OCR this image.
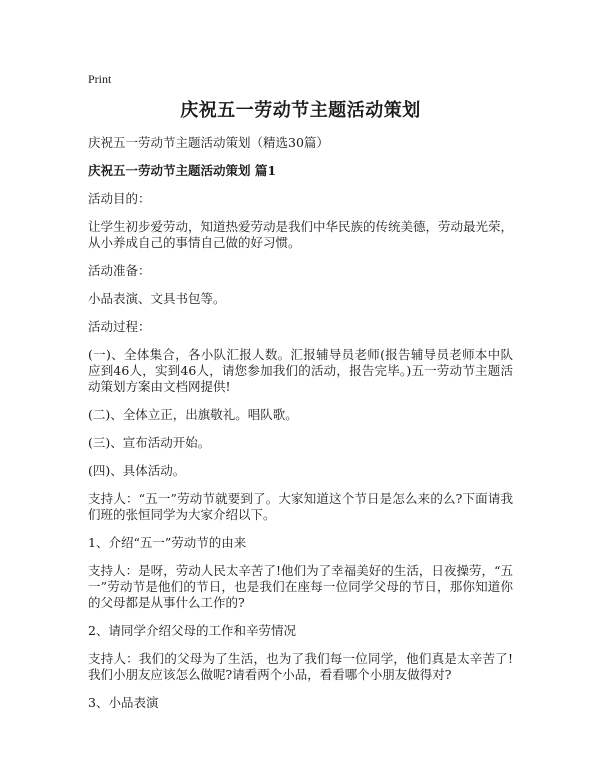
Print

庆祝五一劳动节主题活动策划

庆祝五一劳动节主题活动策划（精选30篇）

庆祝五一劳动节主题活动策划 篇1

活动目的：

让学生初步爱劳动，知道热爱劳动是我们中华民族的传统美德，劳动最光荣，从小养成自己的事情自己做的好习惯。

活动准备：

小品表演、文具书包等。

活动过程：

(一)、全体集合，各小队汇报人数。汇报辅导员老师(报告辅导员老师本中队应到46人，实到46人，请您参加我们的活动，报告完毕。)五一劳动节主题活动策划方案由文档网提供!

(二)、全体立正，出旗敬礼。唱队歌。

(三)、宣布活动开始。

(四)、具体活动。

支持人：“五一”劳动节就要到了。大家知道这个节日是怎么来的么?下面请我们班的张恒同学为大家介绍以下。

1、介绍“五一”劳动节的由来

支持人：是呀，劳动人民太辛苦了!他们为了幸福美好的生活，日夜操劳，“五一”劳动节是他们的节日，也是我们在座每一位同学父母的节日，那你知道你的父母都是从事什么工作的?

2、请同学介绍父母的工作和辛劳情况

支持人：我们的父母为了生活，也为了我们每一位同学，他们真是太辛苦了!我们小朋友应该怎么做呢?请看两个小品，看看哪个小朋友做得对?

3、小品表演
